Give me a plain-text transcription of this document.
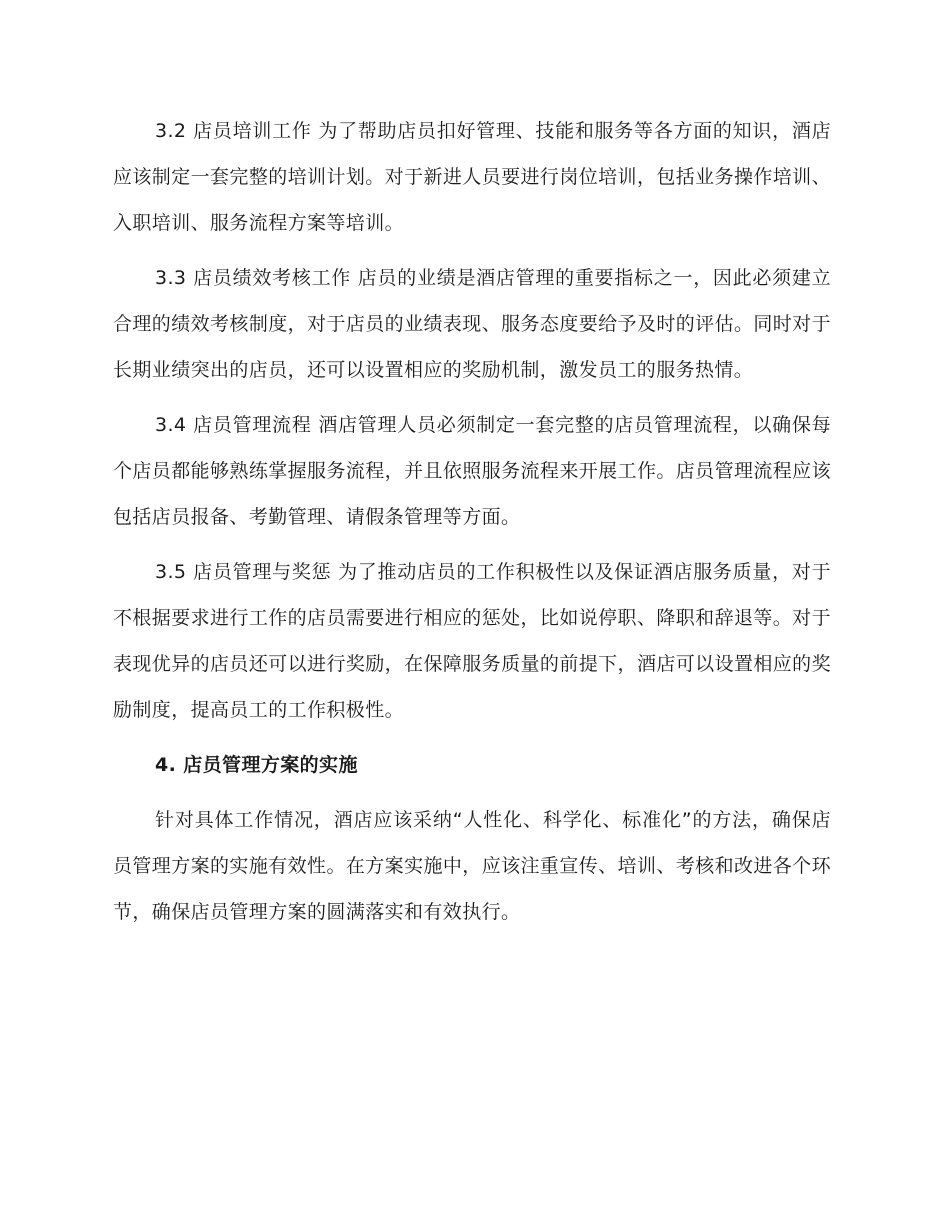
3.2 店员培训工作 为了帮助店员扣好管理、技能和服务等各方面的知识，酒店应该制定一套完整的培训计划。对于新进人员要进行岗位培训，包括业务操作培训、入职培训、服务流程方案等培训。

3.3 店员绩效考核工作 店员的业绩是酒店管理的重要指标之一，因此必须建立合理的绩效考核制度，对于店员的业绩表现、服务态度要给予及时的评估。同时对于长期业绩突出的店员，还可以设置相应的奖励机制，激发员工的服务热情。

3.4 店员管理流程 酒店管理人员必须制定一套完整的店员管理流程，以确保每个店员都能够熟练掌握服务流程，并且依照服务流程来开展工作。店员管理流程应该包括店员报备、考勤管理、请假条管理等方面。

3.5 店员管理与奖惩 为了推动店员的工作积极性以及保证酒店服务质量，对于不根据要求进行工作的店员需要进行相应的惩处，比如说停职、降职和辞退等。对于表现优异的店员还可以进行奖励，在保障服务质量的前提下，酒店可以设置相应的奖励制度，提高员工的工作积极性。

4. 店员管理方案的实施

针对具体工作情况，酒店应该采纳“人性化、科学化、标准化”的方法，确保店员管理方案的实施有效性。在方案实施中，应该注重宣传、培训、考核和改进各个环节，确保店员管理方案的圆满落实和有效执行。
